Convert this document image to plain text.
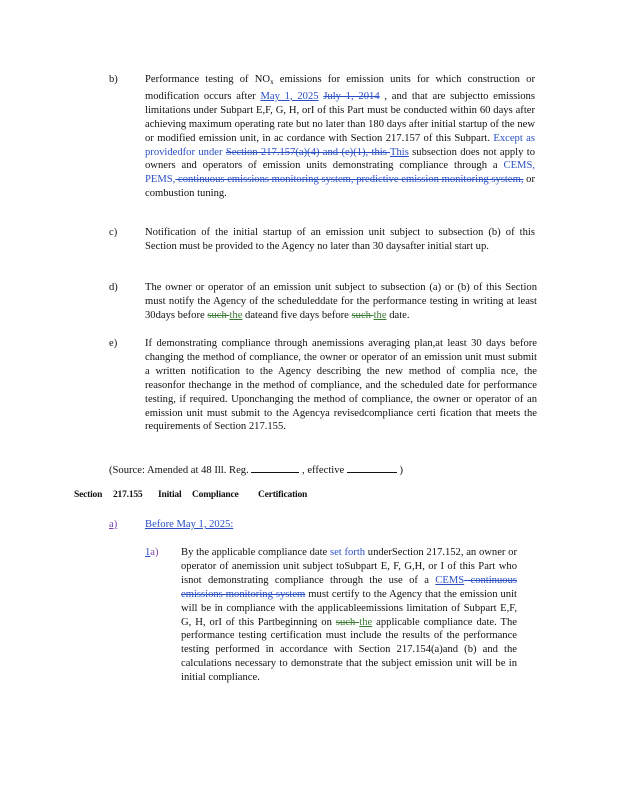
b)	Performance testing of $NO_x$ emissions for emission units for which construction or modification occurs after May 1, 2025 July 1, 2014 , and that are subjectto emissions limitations under Subpart E,F, G, H, orI of this Part must be conducted within 60 days after achieving maximum operating rate but no later than 180 days after initial startup of the new or modified emission unit, in ac cordance with Section 217.157 of this Subpart. Except as providedfor under Section 217.157(a)(4) and (e)(1), this This subsection does not apply to owners and operators of emission units demonstrating compliance through a CEMS, PEMS, continuous emissions monitoring system, predictive emission monitoring system, or combustion tuning.
c)	Notification of the initial startup of an emission unit subject to subsection (b) of this Section must be provided to the Agency no later than 30 daysafter initial start up.
d)	The owner or operator of an emission unit subject to subsection (a) or (b) of this Section must notify the Agency of the scheduleddate for the performance testing in writing at least 30days before such the dateand five days before such the date.
e)	If demonstrating compliance through anemissions averaging plan,at least 30 days before changing the method of compliance, the owner or operator of an emission unit must submit a written notification to the Agency describing the new method of complia nce, the reasonfor thechange in the method of compliance, and the scheduled date for performance testing, if required. Uponchanging the method of compliance, the owner or operator of an emission unit must submit to the Agencya revisedcompliance certi fication that meets the requirements of Section 217.155.
(Source: Amended at 48 Ill. Reg.	, effective	)
Section 217.155 Initial Compliance Certification
a)	Before May 1, 2025:
1a) By the applicable compliance date set forth underSection 217.152, an owner or operator of anemission unit subject toSubpart E, F, G,H, or I of this Part who isnot demonstrating compliance through the use of a CEMS continuous emissions monitoring system must certify to the Agency that the emission unit will be in compliance with the applicableemissions limitation of Subpart E,F, G, H, orI of this Partbeginning on such the applicable compliance date. The performance testing certification must include the results of the performance testing performed in accordance with Section 217.154(a)and (b) and the calculations necessary to demonstrate that the subject emission unit will be in initial compliance.
